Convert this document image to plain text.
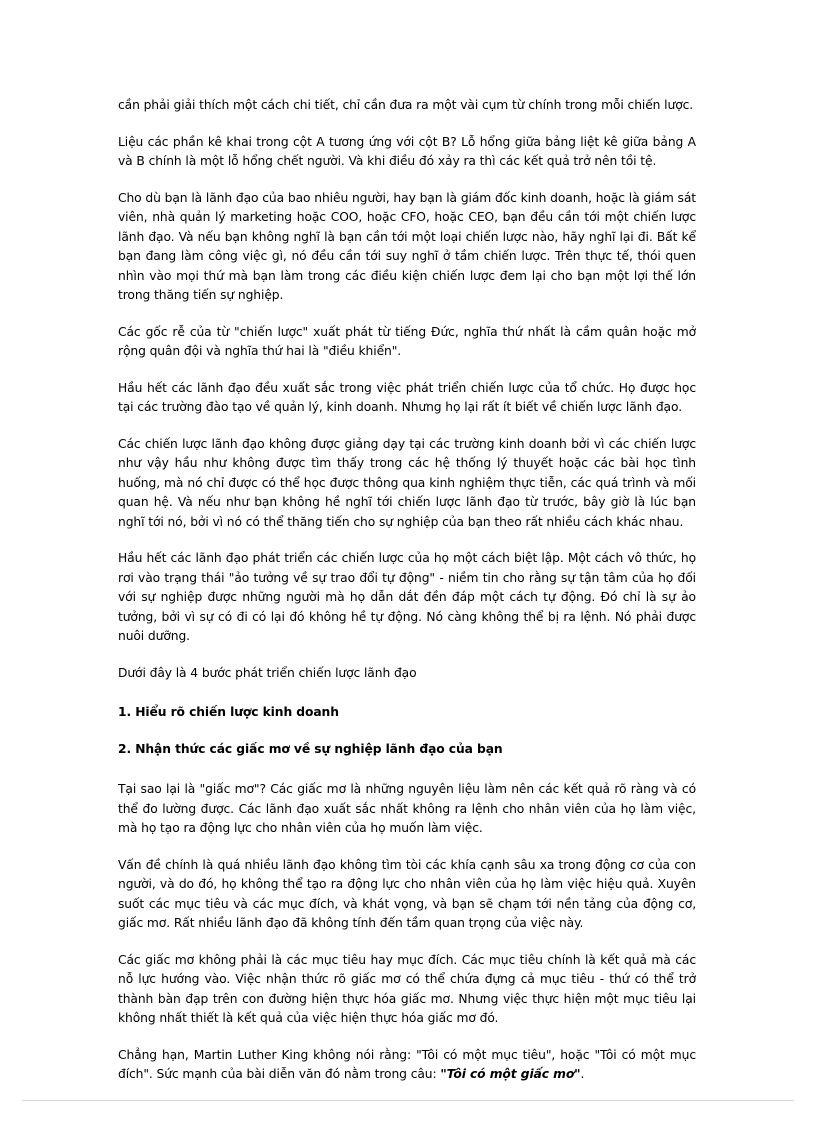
cần phải giải thích một cách chi tiết, chỉ cần đưa ra một vài cụm từ chính trong mỗi chiến lược.

Liệu các phần kê khai trong cột A tương ứng với cột B? Lỗ hổng giữa bảng liệt kê giữa bảng A và B chính là một lỗ hổng chết người. Và khi điều đó xảy ra thì các kết quả trở nên tồi tệ.

Cho dù bạn là lãnh đạo của bao nhiêu người, hay bạn là giám đốc kinh doanh, hoặc là giám sát viên, nhà quản lý marketing hoặc COO, hoặc CFO, hoặc CEO, bạn đều cần tới một chiến lược lãnh đạo. Và nếu bạn không nghĩ là bạn cần tới một loại chiến lược nào, hãy nghĩ lại đi. Bất kể bạn đang làm công việc gì, nó đều cần tới suy nghĩ ở tầm chiến lược. Trên thực tế, thói quen nhìn vào mọi thứ mà bạn làm trong các điều kiện chiến lược đem lại cho bạn một lợi thế lớn trong thăng tiến sự nghiệp.

Các gốc rễ của từ "chiến lược" xuất phát từ tiếng Đức, nghĩa thứ nhất là cầm quân hoặc mở rộng quân đội và nghĩa thứ hai là "điều khiển".

Hầu hết các lãnh đạo đều xuất sắc trong việc phát triển chiến lược của tổ chức. Họ được học tại các trường đào tạo về quản lý, kinh doanh. Nhưng họ lại rất ít biết về chiến lược lãnh đạo.

Các chiến lược lãnh đạo không được giảng dạy tại các trường kinh doanh bởi vì các chiến lược như vậy hầu như không được tìm thấy trong các hệ thống lý thuyết hoặc các bài học tình huống, mà nó chỉ được có thể học được thông qua kinh nghiệm thực tiễn, các quá trình và mối quan hệ. Và nếu như bạn không hề nghĩ tới chiến lược lãnh đạo từ trước, bây giờ là lúc bạn nghĩ tới nó, bởi vì nó có thể thăng tiến cho sự nghiệp của bạn theo rất nhiều cách khác nhau.

Hầu hết các lãnh đạo phát triển các chiến lược của họ một cách biệt lập. Một cách vô thức, họ rơi vào trạng thái "ảo tưởng về sự trao đổi tự động" - niềm tin cho rằng sự tận tâm của họ đối với sự nghiệp được những người mà họ dẫn dắt đền đáp một cách tự động. Đó chỉ là sự ảo tưởng, bởi vì sự có đi có lại đó không hề tự động. Nó càng không thể bị ra lệnh. Nó phải được nuôi dưỡng.

Dưới đây là 4 bước phát triển chiến lược lãnh đạo

1. Hiểu rõ chiến lược kinh doanh
2. Nhận thức các giấc mơ về sự nghiệp lãnh đạo của bạn

Tại sao lại là "giấc mơ"? Các giấc mơ là những nguyên liệu làm nên các kết quả rõ ràng và có thể đo lường được. Các lãnh đạo xuất sắc nhất không ra lệnh cho nhân viên của họ làm việc, mà họ tạo ra động lực cho nhân viên của họ muốn làm việc.

Vấn đề chính là quá nhiều lãnh đạo không tìm tòi các khía cạnh sâu xa trong động cơ của con người, và do đó, họ không thể tạo ra động lực cho nhân viên của họ làm việc hiệu quả. Xuyên suốt các mục tiêu và các mục đích, và khát vọng, và bạn sẽ chạm tới nền tảng của động cơ, giấc mơ. Rất nhiều lãnh đạo đã không tính đến tầm quan trọng của việc này.

Các giấc mơ không phải là các mục tiêu hay mục đích. Các mục tiêu chính là kết quả mà các nỗ lực hướng vào. Việc nhận thức rõ giấc mơ có thể chứa đựng cả mục tiêu - thứ có thể trở thành bàn đạp trên con đường hiện thực hóa giấc mơ. Nhưng việc thực hiện một mục tiêu lại không nhất thiết là kết quả của việc hiện thực hóa giấc mơ đó.

Chẳng hạn, Martin Luther King không nói rằng: "Tôi có một mục tiêu", hoặc "Tôi có một mục đích". Sức mạnh của bài diễn văn đó nằm trong câu: "Tôi có một giấc mơ".
